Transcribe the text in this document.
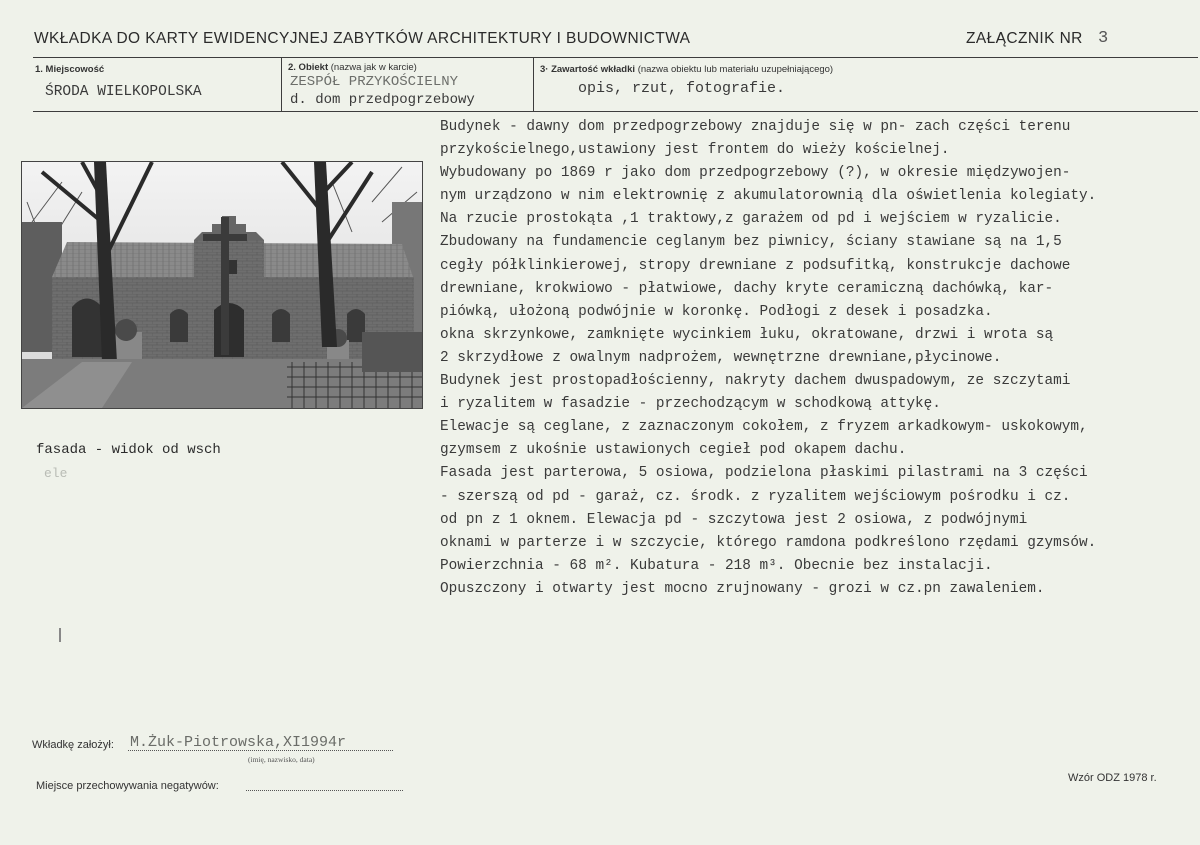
WKŁADKA DO KARTY EWIDENCYJNEJ ZABYTKÓW ARCHITEKTURY I BUDOWNICTWA	ZAŁĄCZNIK NR 3
1. Miejscowość
ŚRODA WIELKOPOLSKA
2. Obiekt (nazwa jak w karcie)
ZESPÓŁ PRZYKOŚCIELNY
d. dom przedpogrzebowy
3· Zawartość wkładki (nazwa obiektu lub materiału uzupełniającego)
opis, rzut, fotografie.
fasada - widok od wsch
ele
Budynek - dawny dom przedpogrzebowy znajduje się w pn- zach części terenu
przykościelnego,ustawiony jest frontem do wieży kościelnej.
Wybudowany po 1869 r jako dom przedpogrzebowy (?), w okresie międzywojen-
nym urządzono w nim elektrownię z akumulatorownią dla oświetlenia kolegiaty.
Na rzucie prostokąta ,1 traktowy,z garażem od pd i wejściem w ryzalicie.
Zbudowany na fundamencie ceglanym bez piwnicy, ściany stawiane są na 1,5
cegły półklinkierowej, stropy drewniane z podsufitką, konstrukcje dachowe
drewniane, krokwiowo - płatwiowe, dachy kryte ceramiczną dachówką, kar-
piówką, ułożoną podwójnie w koronkę. Podłogi z desek i posadzka.
okna skrzynkowe, zamknięte wycinkiem łuku, okratowane, drzwi i wrota są
2 skrzydłowe z owalnym nadprożem, wewnętrzne drewniane,płycinowe.
Budynek jest prostopadłościenny, nakryty dachem dwuspadowym, ze szczytami
i ryzalitem w fasadzie - przechodzącym w schodkową attykę.
Elewacje są ceglane, z zaznaczonym cokołem, z fryzem arkadkowym- uskokowym,
gzymsem z ukośnie ustawionych cegieł pod okapem dachu.
Fasada jest parterowa, 5 osiowa, podzielona płaskimi pilastrami na 3 części
- szerszą od pd - garaż, cz. środk. z ryzalitem wejściowym pośrodku i cz.
od pn z 1 oknem. Elewacja pd - szczytowa jest 2 osiowa, z podwójnymi
oknami w parterze i w szczycie, którego ramdona podkreślono rzędami gzymsów.
Powierzchnia - 68 m². Kubatura - 218 m³. Obecnie bez instalacji.
Opuszczony i otwarty jest mocno zrujnowany - grozi w cz.pn zawaleniem.
Wkładkę założył: M.Żuk-Piotrowska,XI1994r
(imię, nazwisko, data)
Miejsce przechowywania negatywów:
Wzór ODZ 1978 r.
